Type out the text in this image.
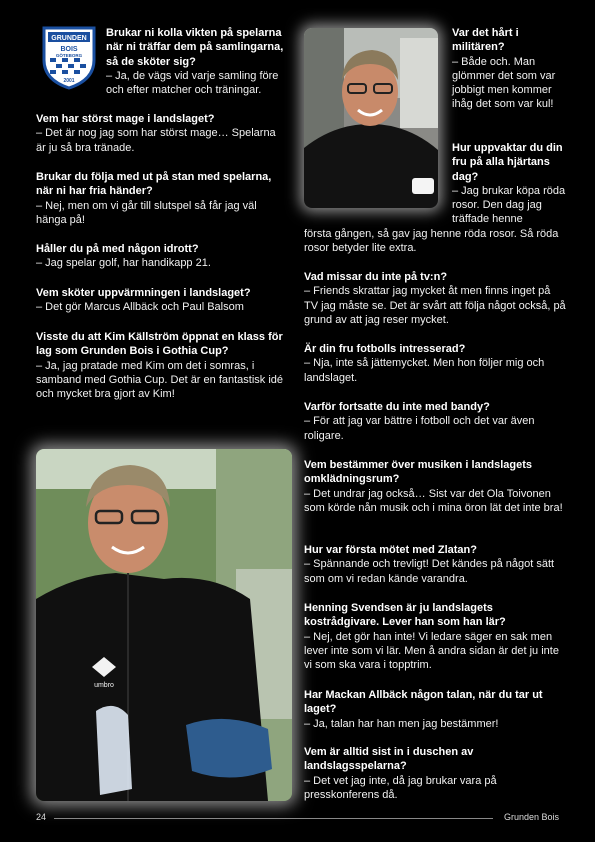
GRUNDEN
BOIS
GÖTEBORG
2001
Brukar ni kolla vikten på spelarna när ni träffar dem på samlingarna, så de sköter sig?
– Ja, de vägs vid varje samling före och efter matcher och träningar.
Vem har störst mage i landslaget?
– Det är nog jag som har störst mage… Spelarna är ju så bra tränade.
Brukar du följa med ut på stan med spelarna, när ni har fria händer?
– Nej, men om vi går till slutspel så får jag väl hänga på!
Håller du på med någon idrott?
– Jag spelar golf, har handikapp 21.
Vem sköter uppvärmningen i landslaget?
– Det gör Marcus Allbäck och Paul Balsom
Visste du att Kim Källström öppnat en klass för lag som Grunden Bois i Gothia Cup?
– Ja, jag pratade med Kim om det i somras, i samband med Gothia Cup. Det är en fantastisk idé och mycket bra gjort av Kim!
Var det hårt i militären?
– Både och. Man glömmer det som var jobbigt men kommer ihåg det som var kul!
Hur uppvaktar du din fru på alla hjärtans dag?
– Jag brukar köpa röda rosor. Den dag jag träffade henne
första gången, så gav jag henne röda rosor. Så röda rosor betyder lite extra.
Vad missar du inte på tv:n?
– Friends skrattar jag mycket åt men finns inget på TV jag måste se. Det är svårt att följa något också, på grund av att jag reser mycket.
Är din fru fotbolls intresserad?
– Nja, inte så jättemycket. Men hon följer mig och landslaget.
Varför fortsatte du inte med bandy?
– För att jag var bättre i fotboll och det var även roligare.
Vem bestämmer över musiken i landslagets omklädningsrum?
– Det undrar jag också… Sist var det Ola Toivonen som körde nån musik och i mina öron lät det inte bra!
Hur var första mötet med Zlatan?
– Spännande och trevligt! Det kändes på något sätt som om vi redan kände varandra.
Henning Svendsen är ju landslagets kostrådgivare. Lever han som han lär?
– Nej, det gör han inte! Vi ledare säger en sak men lever inte som vi lär. Men å andra sidan är det ju inte vi som ska vara i topptrim.
Har Mackan Allbäck någon talan, när du tar ut laget?
– Ja, talan har han men jag bestämmer!
Vem är alltid sist in i duschen av landslagsspelarna?
– Det vet jag inte, då jag brukar vara på presskonferens då.
umbro
24	Grunden Bois
